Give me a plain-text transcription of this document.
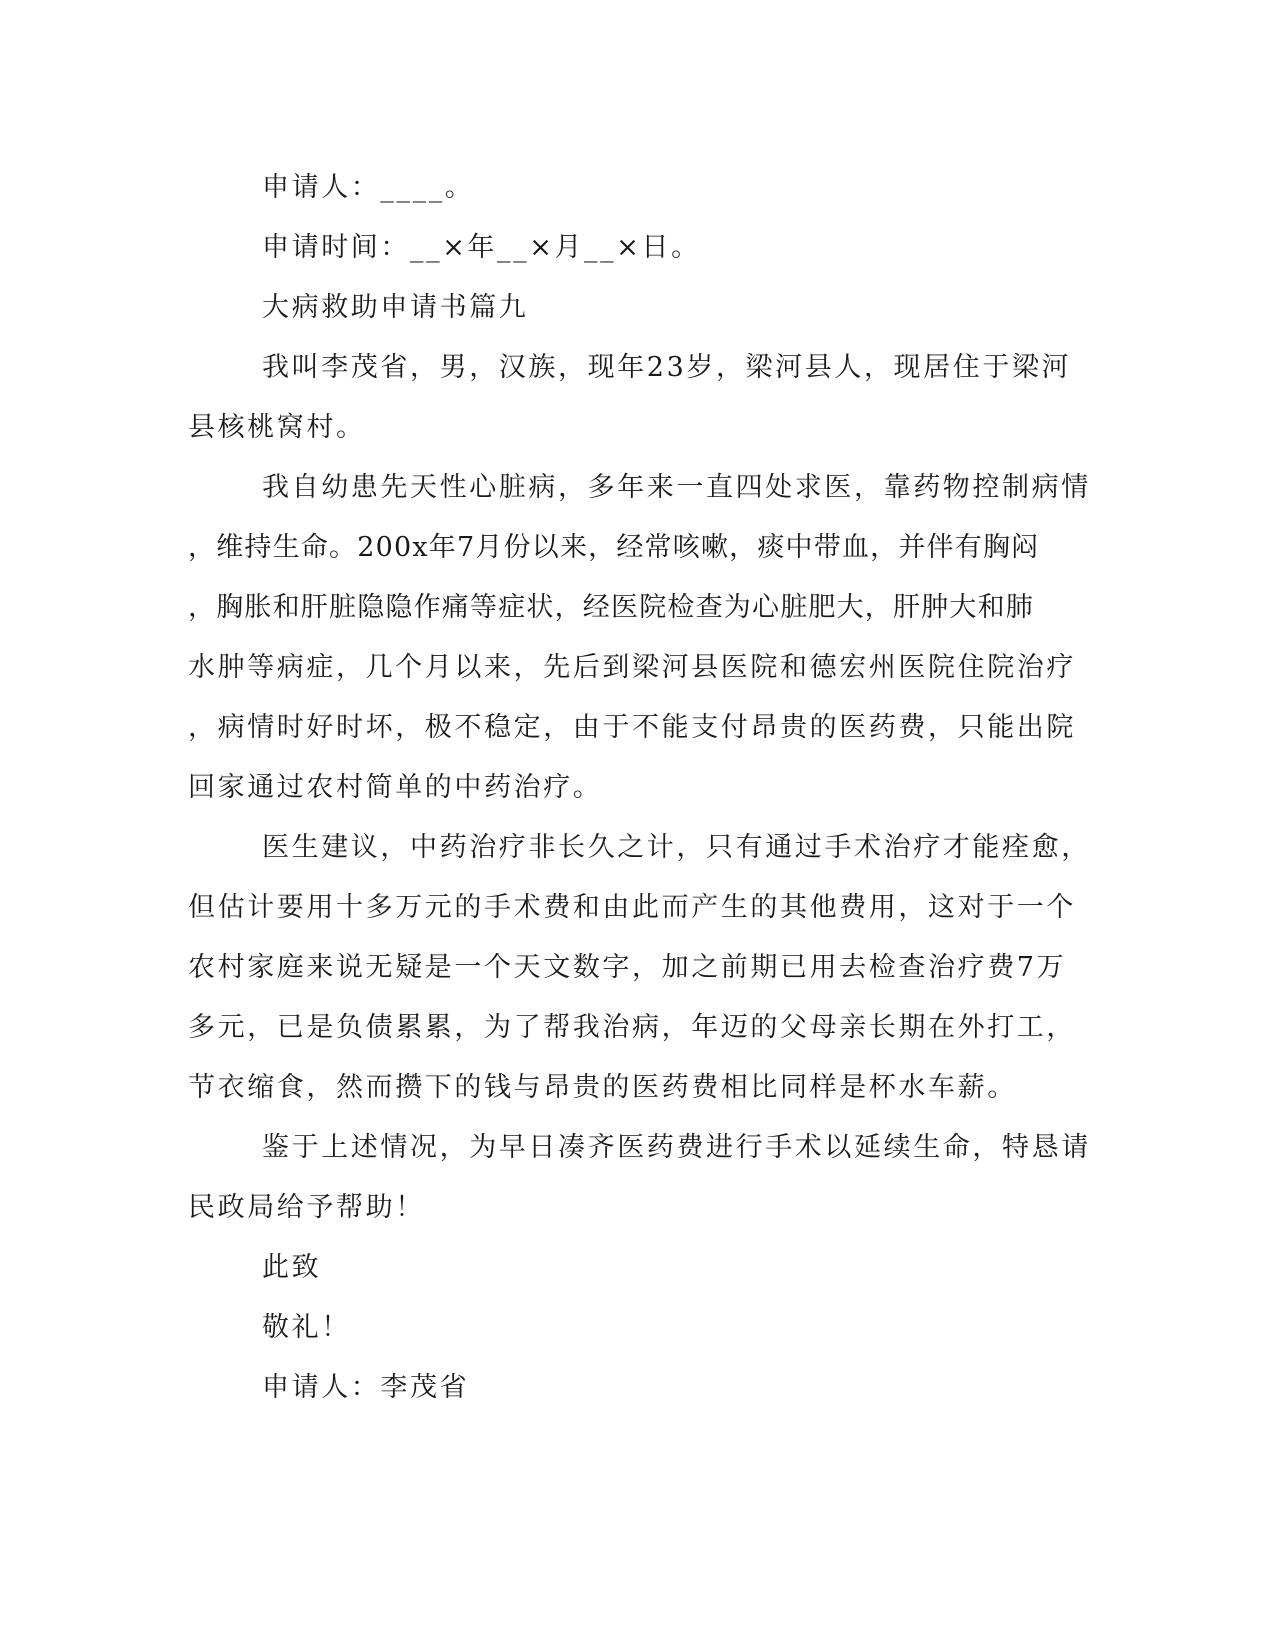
申请人：____。
申请时间：__×年__×月__×日。
大病救助申请书篇九
我叫李茂省，男，汉族，现年23岁，梁河县人，现居住于梁河
县核桃窝村。
我自幼患先天性心脏病，多年来一直四处求医，靠药物控制病情
，维持生命。200x年7月份以来，经常咳嗽，痰中带血，并伴有胸闷
，胸胀和肝脏隐隐作痛等症状，经医院检查为心脏肥大，肝肿大和肺
水肿等病症，几个月以来，先后到梁河县医院和德宏州医院住院治疗
，病情时好时坏，极不稳定，由于不能支付昂贵的医药费，只能出院
回家通过农村简单的中药治疗。
医生建议，中药治疗非长久之计，只有通过手术治疗才能痊愈，
但估计要用十多万元的手术费和由此而产生的其他费用，这对于一个
农村家庭来说无疑是一个天文数字，加之前期已用去检查治疗费7万
多元，已是负债累累，为了帮我治病，年迈的父母亲长期在外打工，
节衣缩食，然而攒下的钱与昂贵的医药费相比同样是杯水车薪。
鉴于上述情况，为早日凑齐医药费进行手术以延续生命，特恳请
民政局给予帮助！
此致
敬礼！
申请人：李茂省
